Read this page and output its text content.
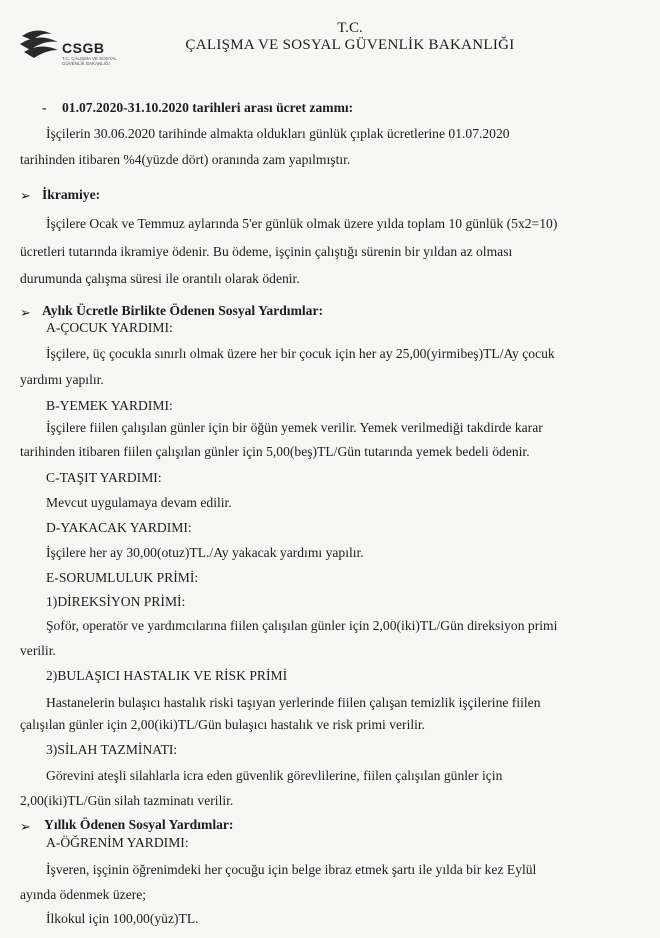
CSGB
T.C. ÇALIŞMA VE SOSYAL GÜVENLİK BAKANLIĞI
T.C.
ÇALIŞMA VE SOSYAL GÜVENLİK BAKANLIĞI
- 01.07.2020-31.10.2020 tarihleri arası ücret zammı:
İşçilerin 30.06.2020 tarihinde almakta oldukları günlük çıplak ücretlerine 01.07.2020
tarihinden itibaren %4(yüzde dört) oranında zam yapılmıştır.
➢ İkramiye:
İşçilere Ocak ve Temmuz aylarında 5'er günlük olmak üzere yılda toplam 10 günlük (5x2=10)
ücretleri tutarında ikramiye ödenir. Bu ödeme, işçinin çalıştığı sürenin bir yıldan az olması
durumunda çalışma süresi ile orantılı olarak ödenir.
➢ Aylık Ücretle Birlikte Ödenen Sosyal Yardımlar:
A-ÇOCUK YARDIMI:
İşçilere, üç çocukla sınırlı olmak üzere her bir çocuk için her ay 25,00(yirmibeş)TL/Ay çocuk
yardımı yapılır.
B-YEMEK YARDIMI:
İşçilere fiilen çalışılan günler için bir öğün yemek verilir. Yemek verilmediği takdirde karar
tarihinden itibaren fiilen çalışılan günler için 5,00(beş)TL/Gün tutarında yemek bedeli ödenir.
C-TAŞIT YARDIMI:
Mevcut uygulamaya devam edilir.
D-YAKACAK YARDIMI:
İşçilere her ay 30,00(otuz)TL./Ay yakacak yardımı yapılır.
E-SORUMLULUK PRİMİ:
1)DİREKSİYON PRİMİ:
Şoför, operatör ve yardımcılarına fiilen çalışılan günler için 2,00(iki)TL/Gün direksiyon primi
verilir.
2)BULAŞICI HASTALIK VE RİSK PRİMİ
Hastanelerin bulaşıcı hastalık riski taşıyan yerlerinde fiilen çalışan temizlik işçilerine fiilen
çalışılan günler için 2,00(iki)TL/Gün bulaşıcı hastalık ve risk primi verilir.
3)SİLAH TAZMİNATI:
Görevini ateşli silahlarla icra eden güvenlik görevlilerine, fiilen çalışılan günler için
2,00(iki)TL/Gün silah tazminatı verilir.
➢ Yıllık Ödenen Sosyal Yardımlar:
A-ÖĞRENİM YARDIMI:
İşveren, işçinin öğrenimdeki her çocuğu için belge ibraz etmek şartı ile yılda bir kez Eylül
ayında ödenmek üzere;
İlkokul için 100,00(yüz)TL.
